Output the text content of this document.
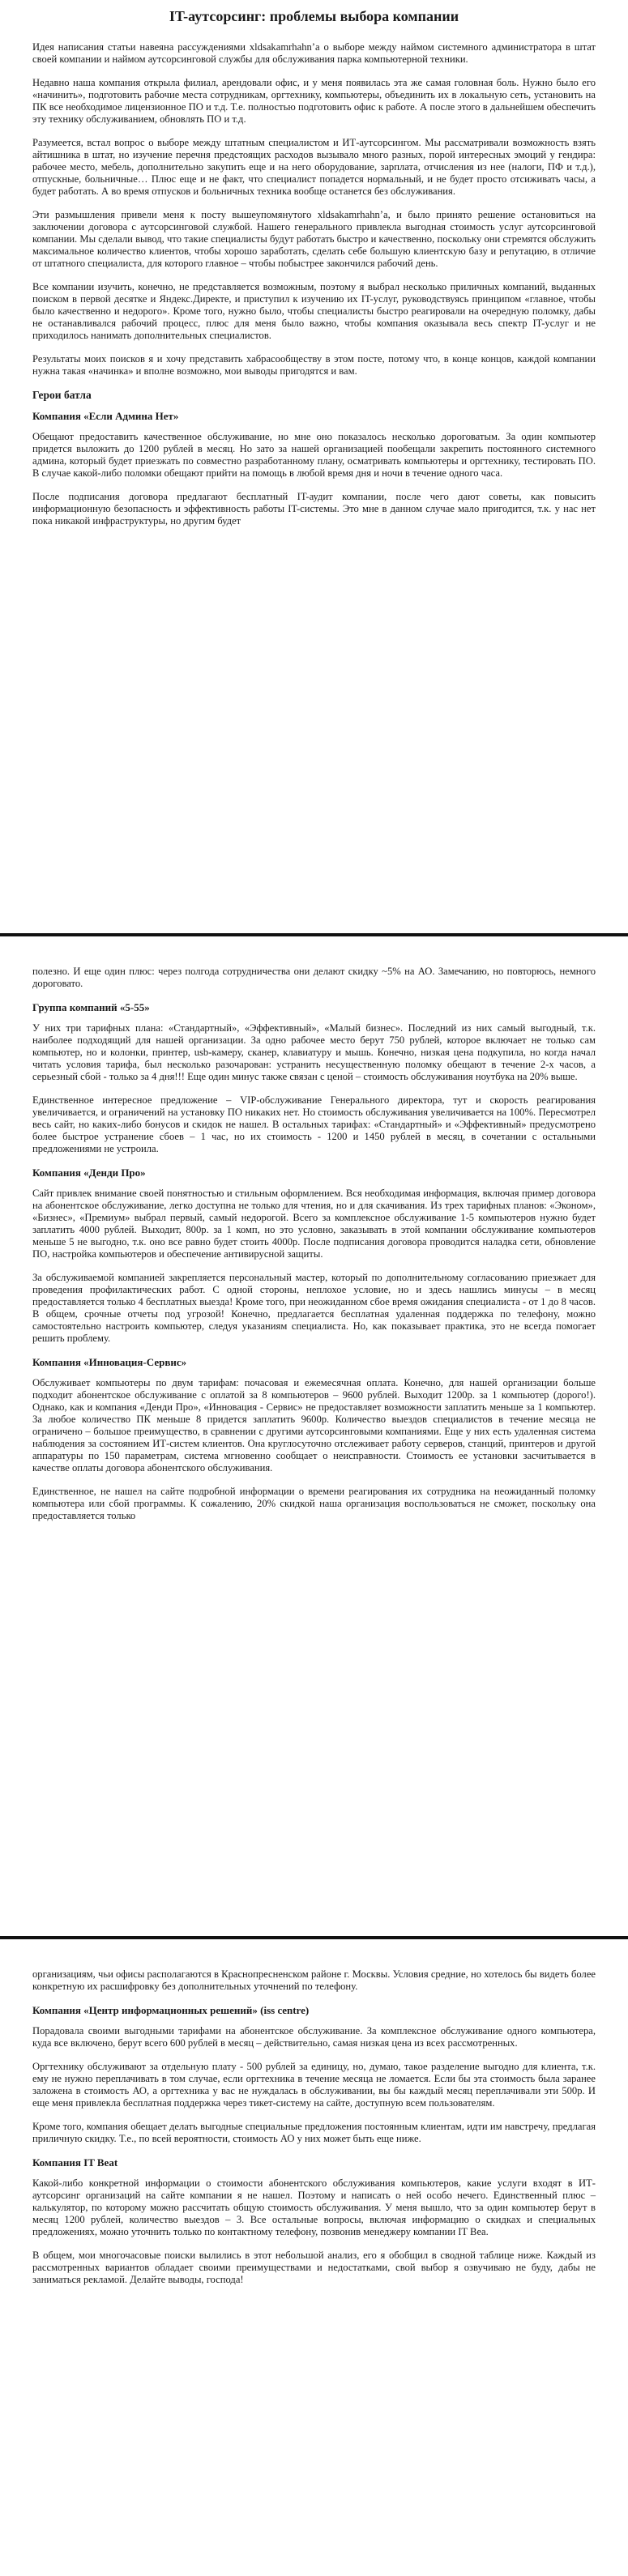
IT-аутсорсинг: проблемы выбора компании

Идея написания статьи навеяна рассуждениями xldsakamrhahn’a о выборе между наймом системного администратора в штат своей компании и наймом аутсорсинговой службы для обслуживания парка компьютерной техники.

Недавно наша компания открыла филиал, арендовали офис, и у меня появилась эта же самая головная боль. Нужно было его «начинить», подготовить рабочие места сотрудникам, оргтехнику, компьютеры, объединить их в локальную сеть, установить на ПК все необходимое лицензионное ПО и т.д. Т.е. полностью подготовить офис к работе. А после этого в дальнейшем обеспечить эту технику обслуживанием, обновлять ПО и т.д.

Разумеется, встал вопрос о выборе между штатным специалистом и ИТ-аутсорсингом. Мы рассматривали возможность взять айтишника в штат, но изучение перечня предстоящих расходов вызывало много разных, порой интересных эмоций у гендира: рабочее место, мебель, дополнительно закупить еще и на него оборудование, зарплата, отчисления из нее (налоги, ПФ и т.д.), отпускные, больничные… Плюс еще и не факт, что специалист попадется нормальный, и не будет просто отсиживать часы, а будет работать. А во время отпусков и больничных техника вообще останется без обслуживания.

Эти размышления привели меня к посту вышеупомянутого xldsakamrhahn’a, и было принято решение остановиться на заключении договора с аутсорсинговой службой. Нашего генерального привлекла выгодная стоимость услуг аутсорсинговой компании. Мы сделали вывод, что такие специалисты будут работать быстро и качественно, поскольку они стремятся обслужить максимальное количество клиентов, чтобы хорошо заработать, сделать себе большую клиентскую базу и репутацию, в отличие от штатного специалиста, для которого главное – чтобы побыстрее закончился рабочий день.

Все компании изучить, конечно, не представляется возможным, поэтому я выбрал несколько приличных компаний, выданных поиском в первой десятке и Яндекс.Директе, и приступил к изучению их IT-услуг, руководствуясь принципом «главное, чтобы было качественно и недорого». Кроме того, нужно было, чтобы специалисты быстро реагировали на очередную поломку, дабы не останавливался рабочий процесс, плюс для меня было важно, чтобы компания оказывала весь спектр IT-услуг и не приходилось нанимать дополнительных специалистов.

Результаты моих поисков я и хочу представить хабрасообществу в этом посте, потому что, в конце концов, каждой компании нужна такая «начинка» и вполне возможно, мои выводы пригодятся и вам.

Герои батла
Компания «Если Админа Нет»

Обещают предоставить качественное обслуживание, но мне оно показалось несколько дороговатым. За один компьютер придется выложить до 1200 рублей в месяц. Но зато за нашей организацией пообещали закрепить постоянного системного админа, который будет приезжать по совместно разработанному плану, осматривать компьютеры и оргтехнику, тестировать ПО. В случае какой-либо поломки обещают прийти на помощь в любой время дня и ночи в течение одного часа.

После подписания договора предлагают бесплатный IT-аудит компании, после чего дают советы, как повысить информационную безопасность и эффективность работы IT-системы. Это мне в данном случае мало пригодится, т.к. у нас нет пока никакой инфраструктуры, но другим будет

полезно. И еще один плюс: через полгода сотрудничества они делают скидку ~5% на АО. Замечанию, но повторюсь, немного дороговато.

Группа компаний «5-55»

У них три тарифных плана: «Стандартный», «Эффективный», «Малый бизнес». Последний из них самый выгодный, т.к. наиболее подходящий для нашей организации. За одно рабочее место берут 750 рублей, которое включает не только сам компьютер, но и колонки, принтер, usb-камеру, сканер, клавиатуру и мышь. Конечно, низкая цена подкупила, но когда начал читать условия тарифа, был несколько разочарован: устранить несущественную поломку обещают в течение 2-х часов, а серьезный сбой - только за 4 дня!!! Еще один минус также связан с ценой – стоимость обслуживания ноутбука на 20% выше.

Единственное интересное предложение – VIP-обслуживание Генерального директора, тут и скорость реагирования увеличивается, и ограничений на установку ПО никаких нет. Но стоимость обслуживания увеличивается на 100%. Пересмотрел весь сайт, но каких-либо бонусов и скидок не нашел. В остальных тарифах: «Стандартный» и «Эффективный» предусмотрено более быстрое устранение сбоев – 1 час, но их стоимость - 1200 и 1450 рублей в месяц, в сочетании с остальными предложениями не устроила.

Компания «Денди Про»

Сайт привлек внимание своей понятностью и стильным оформлением. Вся необходимая информация, включая пример договора на абонентское обслуживание, легко доступна не только для чтения, но и для скачивания. Из трех тарифных планов: «Эконом», «Бизнес», «Премиум» выбрал первый, самый недорогой. Всего за комплексное обслуживание 1-5 компьютеров нужно будет заплатить 4000 рублей. Выходит, 800р. за 1 комп, но это условно, заказывать в этой компании обслуживание компьютеров меньше 5 не выгодно, т.к. оно все равно будет стоить 4000р. После подписания договора проводится наладка сети, обновление ПО, настройка компьютеров и обеспечение антивирусной защиты.

За обслуживаемой компанией закрепляется персональный мастер, который по дополнительному согласованию приезжает для проведения профилактических работ. С одной стороны, неплохое условие, но и здесь нашлись минусы – в месяц предоставляется только 4 бесплатных выезда! Кроме того, при неожиданном сбое время ожидания специалиста - от 1 до 8 часов. В общем, срочные отчеты под угрозой! Конечно, предлагается бесплатная удаленная поддержка по телефону, можно самостоятельно настроить компьютер, следуя указаниям специалиста. Но, как показывает практика, это не всегда помогает решить проблему.

Компания «Инновация-Сервис»

Обслуживает компьютеры по двум тарифам: почасовая и ежемесячная оплата. Конечно, для нашей организации больше подходит абонентское обслуживание с оплатой за 8 компьютеров – 9600 рублей. Выходит 1200р. за 1 компьютер (дорого!). Однако, как и компания «Денди Про», «Инновация - Сервис» не предоставляет возможности заплатить меньше за 1 компьютер. За любое количество ПК меньше 8 придется заплатить 9600р. Количество выездов специалистов в течение месяца не ограничено – большое преимущество, в сравнении с другими аутсорсинговыми компаниями. Еще у них есть удаленная система наблюдения за состоянием ИТ-систем клиентов. Она круглосуточно отслеживает работу серверов, станций, принтеров и другой аппаратуры по 150 параметрам, система мгновенно сообщает о неисправности. Стоимость ее установки засчитывается в качестве оплаты договора абонентского обслуживания.

Единственное, не нашел на сайте подробной информации о времени реагирования их сотрудника на неожиданный поломку компьютера или сбой программы. К сожалению, 20% скидкой наша организация воспользоваться не сможет, поскольку она предоставляется только

организациям, чьи офисы располагаются в Краснопресненском районе г. Москвы. Условия средние, но хотелось бы видеть более конкретную их расшифровку без дополнительных уточнений по телефону.

Компания «Центр информационных решений» (iss centre)

Порадовала своими выгодными тарифами на абонентское обслуживание. За комплексное обслуживание одного компьютера, куда все включено, берут всего 600 рублей в месяц – действительно, самая низкая цена из всех рассмотренных.

Оргтехнику обслуживают за отдельную плату - 500 рублей за единицу, но, думаю, такое разделение выгодно для клиента, т.к. ему не нужно переплачивать в том случае, если оргтехника в течение месяца не ломается. Если бы эта стоимость была заранее заложена в стоимость АО, а оргтехника у вас не нуждалась в обслуживании, вы бы каждый месяц переплачивали эти 500р. И еще меня привлекла бесплатная поддержка через тикет-систему на сайте, доступную всем пользователям.

Кроме того, компания обещает делать выгодные специальные предложения постоянным клиентам, идти им навстречу, предлагая приличную скидку. Т.е., по всей вероятности, стоимость АО у них может быть еще ниже.

Компания IT Beat

Какой-либо конкретной информации о стоимости абонентского обслуживания компьютеров, какие услуги входят в ИТ-аутсорсинг организаций на сайте компании я не нашел. Поэтому и написать о ней особо нечего. Единственный плюс – калькулятор, по которому можно рассчитать общую стоимость обслуживания. У меня вышло, что за один компьютер берут в месяц 1200 рублей, количество выездов – 3. Все остальные вопросы, включая информацию о скидках и специальных предложениях, можно уточнить только по контактному телефону, позвонив менеджеру компании IT Bea.

В общем, мои многочасовые поиски вылились в этот небольшой анализ, его я обобщил в сводной таблице ниже. Каждый из рассмотренных вариантов обладает своими преимуществами и недостатками, свой выбор я озвучиваю не буду, дабы не заниматься рекламой. Делайте выводы, господа!
